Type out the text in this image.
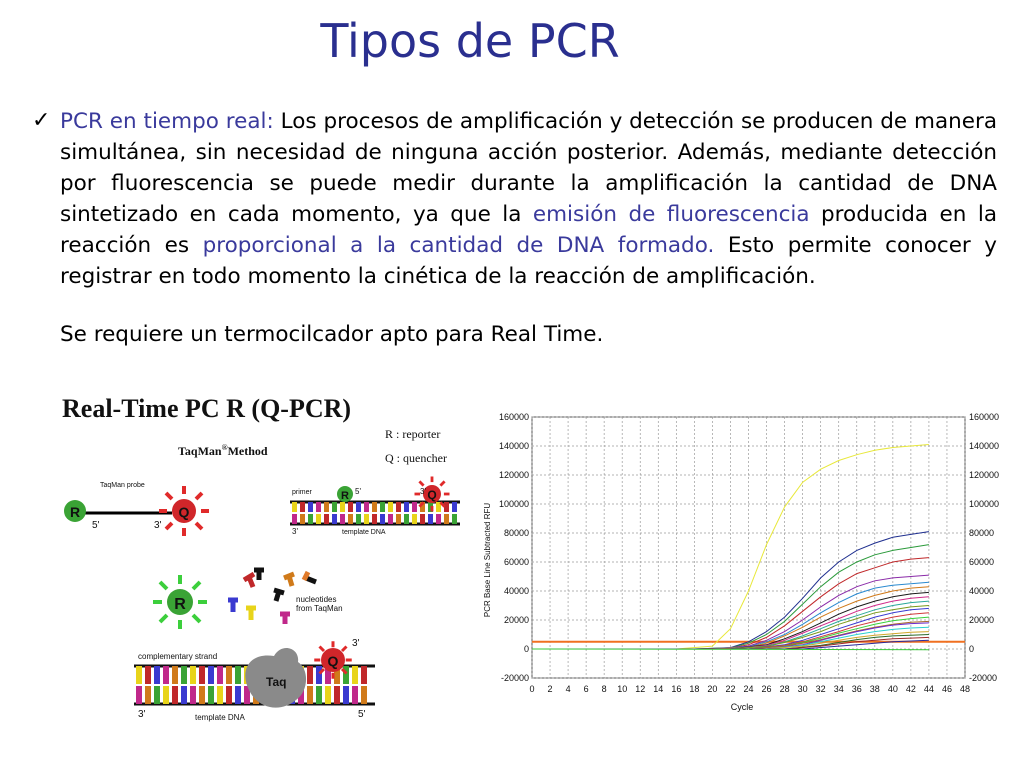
Tipos de PCR
✓ PCR en tiempo real: Los procesos de amplificación y detección se producen de manera simultánea, sin necesidad de ninguna acción posterior. Además, mediante detección por fluorescencia se puede medir durante la amplificación la cantidad de DNA sintetizado en cada momento, ya que la emisión de fluorescencia producida en la reacción es proporcional a la cantidad de DNA formado. Esto permite conocer y registrar en todo momento la cinética de la reacción de amplificación.
Se requiere un termocilcador apto para Real Time.
Real-Time PC R (Q-PCR)
TaqMan®Method
R : reporter
Q : quencher
TaqMan probe
Q
R
5'	3'
primer	R 5'	Q
3'
3'	template DNA
R	nucleotides
from TaqMan
complementary strand
Taq
Q
3'
3'	template DNA	5'
0 2 4 6 8 10 12 14 16 18 20 22 24 26 28 30 32 34 36 38 40 42 44 46 48
-20000	-20000
0	0
20000	20000
40000	40000
60000	60000
80000	80000
100000	100000
120000	120000
140000	140000
160000	160000
Cycle
PCR Base Line Subtracted RFU
